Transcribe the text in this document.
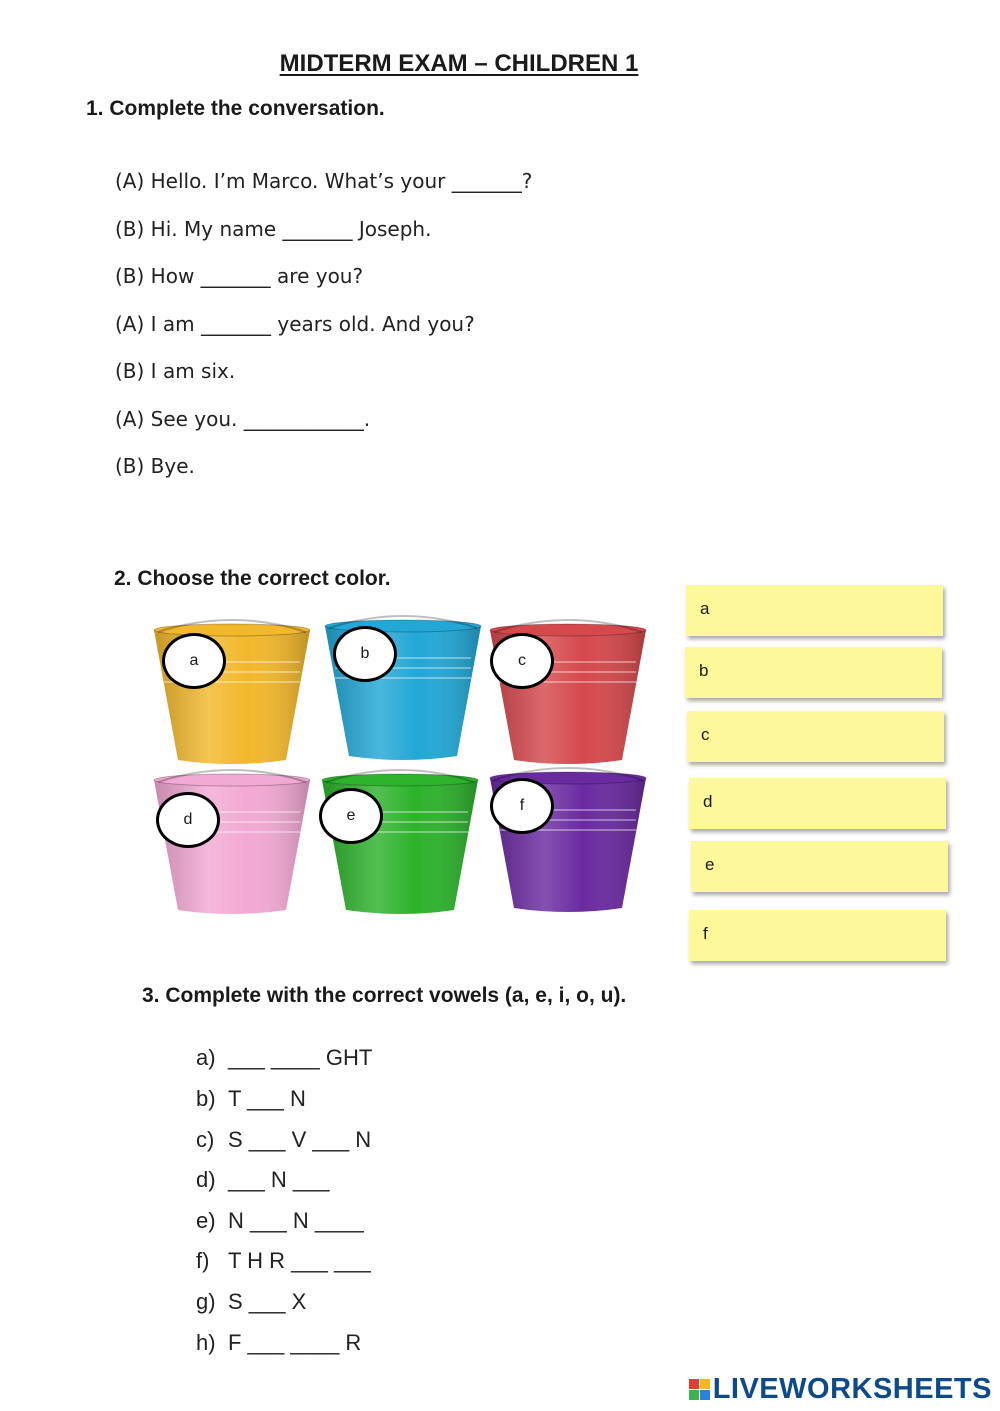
MIDTERM EXAM – CHILDREN 1
1. Complete the conversation.
(A) Hello. I’m Marco. What’s your _______?
(B) Hi. My name _______ Joseph.
(B) How _______ are you?
(A) I am _______ years old. And you?
(B) I am six.
(A) See you. ____________.
(B) Bye.
2. Choose the correct color.
a	b	c
d	e
f
a
b
c
d
e
f
3. Complete with the correct vowels (a, e, i, o, u).
a) ___ ____ GHT
b) T ___ N
c) S ___ V ___ N
d) ___ N ___
e) N ___ N ____
f) T H R ___ ___
g) S ___ X
h) F ___ ____ R
LIVEWORKSHEETS
